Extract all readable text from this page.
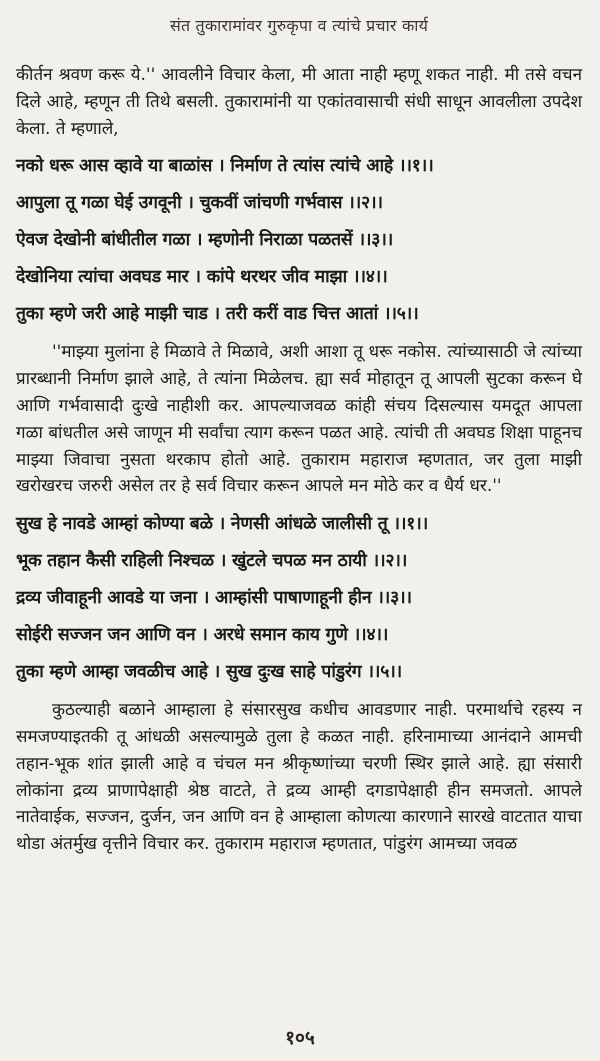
संत तुकारामांवर गुरुकृपा व त्यांचे प्रचार कार्य

कीर्तन श्रवण करू ये.'' आवलीने विचार केला, मी आता नाही म्हणू शकत नाही. मी तसे वचन दिले आहे, म्हणून ती तिथे बसली. तुकारामांनी या एकांतवासाची संधी साधून आवलीला उपदेश केला. ते म्हणाले,

नको धरू आस व्हावे या बाळांस । निर्माण ते त्यांस त्यांचे आहे ।।१।।
आपुला तू गळा घेई उगवूनी । चुकवीं जांचणी गर्भवास ।।२।।
ऐवज देखोनी बांधीतील गळा । म्हणोनी निराळा पळतसें ।।३।।
देखोनिया त्यांचा अवघड मार । कांपे थरथर जीव माझा ।।४।।
तुका म्हणे जरी आहे माझी चाड । तरी करीं वाड चित्त आतां ।।५।।

''माझ्या मुलांना हे मिळावे ते मिळावे, अशी आशा तू धरू नकोस. त्यांच्यासाठी जे त्यांच्या प्रारब्धानी निर्माण झाले आहे, ते त्यांना मिळेलच. ह्या सर्व मोहातून तू आपली सुटका करून घे आणि गर्भवासादी दुःखे नाहीशी कर. आपल्याजवळ कांही संचय दिसल्यास यमदूत आपला गळा बांधतील असे जाणून मी सर्वांचा त्याग करून पळत आहे. त्यांची ती अवघड शिक्षा पाहूनच माझ्या जिवाचा नुसता थरकाप होतो आहे. तुकाराम महाराज म्हणतात, जर तुला माझी खरोखरच जरुरी असेल तर हे सर्व विचार करून आपले मन मोठे कर व धैर्य धर.''

सुख हे नावडे आम्हां कोण्या बळे । नेणसी आंधळे जालीसी तू ।।१।।
भूक तहान कैसी राहिली निश्चळ । खुंटले चपळ मन ठायी ।।२।।
द्रव्य जीवाहूनी आवडे या जना । आम्हांसी पाषाणाहूनी हीन ।।३।।
सोईरी सज्जन जन आणि वन । अरधे समान काय गुणे ।।४।।
तुका म्हणे आम्हा जवळीच आहे । सुख दुःख साहे पांडुरंग ।।५।।

कुठल्याही बळाने आम्हाला हे संसारसुख कधीच आवडणार नाही. परमार्थाचे रहस्य न समजण्याइतकी तू आंधळी असल्यामुळे तुला हे कळत नाही. हरिनामाच्या आनंदाने आमची तहान-भूक शांत झाली आहे व चंचल मन श्रीकृष्णांच्या चरणी स्थिर झाले आहे. ह्या संसारी लोकांना द्रव्य प्राणापेक्षाही श्रेष्ठ वाटते, ते द्रव्य आम्ही दगडापेक्षाही हीन समजतो. आपले नातेवाईक, सज्जन, दुर्जन, जन आणि वन हे आम्हाला कोणत्या कारणाने सारखे वाटतात याचा थोडा अंतर्मुख वृत्तीने विचार कर. तुकाराम महाराज म्हणतात, पांडुरंग आमच्या जवळ

१०५
